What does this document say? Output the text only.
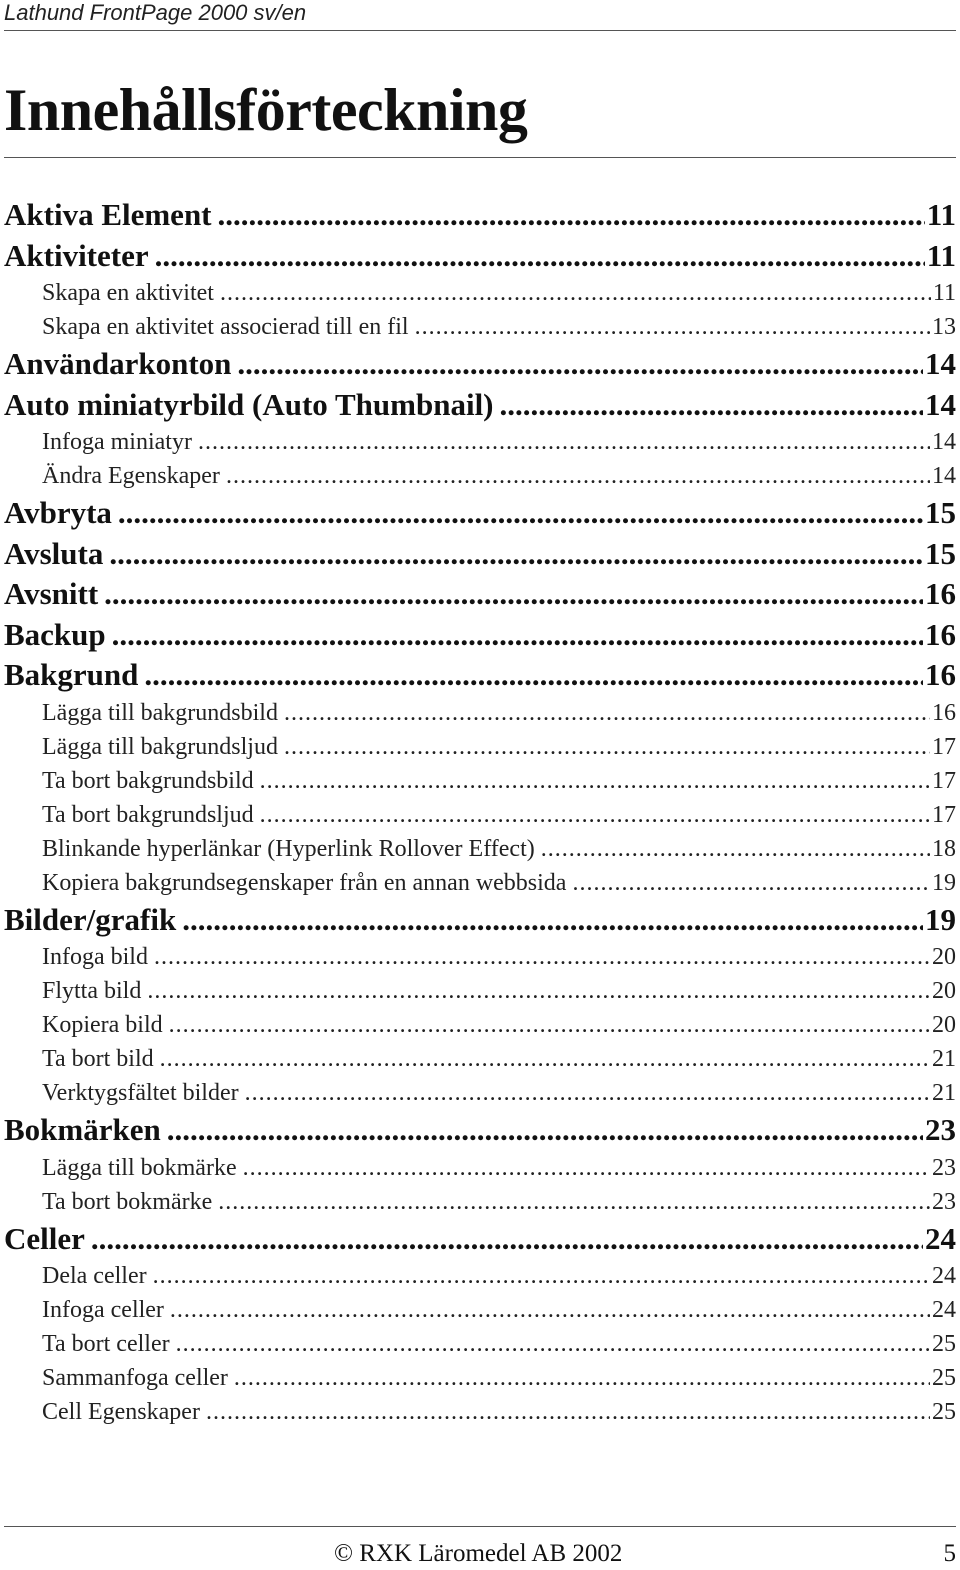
Lathund FrontPage 2000 sv/en
Innehållsförteckning
Aktiva Element .....	11
Aktiviteter .....	11
Skapa en aktivitet .....	11
Skapa en aktivitet associerad till en fil .....	13
Användarkonton .....	14
Auto miniatyrbild (Auto Thumbnail) .....	14
Infoga miniatyr .....	14
Ändra Egenskaper .....	14
Avbryta .....	15
Avsluta .....	15
Avsnitt .....	16
Backup .....	16
Bakgrund .....	16
Lägga till bakgrundsbild .....	16
Lägga till bakgrundsljud .....	17
Ta bort bakgrundsbild .....	17
Ta bort bakgrundsljud .....	17
Blinkande hyperlänkar (Hyperlink Rollover Effect) .....	18
Kopiera bakgrundsegenskaper från en annan webbsida .....	19
Bilder/grafik .....	19
Infoga bild .....	20
Flytta bild .....	20
Kopiera bild .....	20
Ta bort bild .....	21
Verktygsfältet bilder .....	21
Bokmärken .....	23
Lägga till bokmärke .....	23
Ta bort bokmärke .....	23
Celler .....	24
Dela celler .....	24
Infoga celler .....	24
Ta bort celler .....	25
Sammanfoga celler .....	25
Cell Egenskaper .....	25
© RXK Läromedel AB 2002	5
